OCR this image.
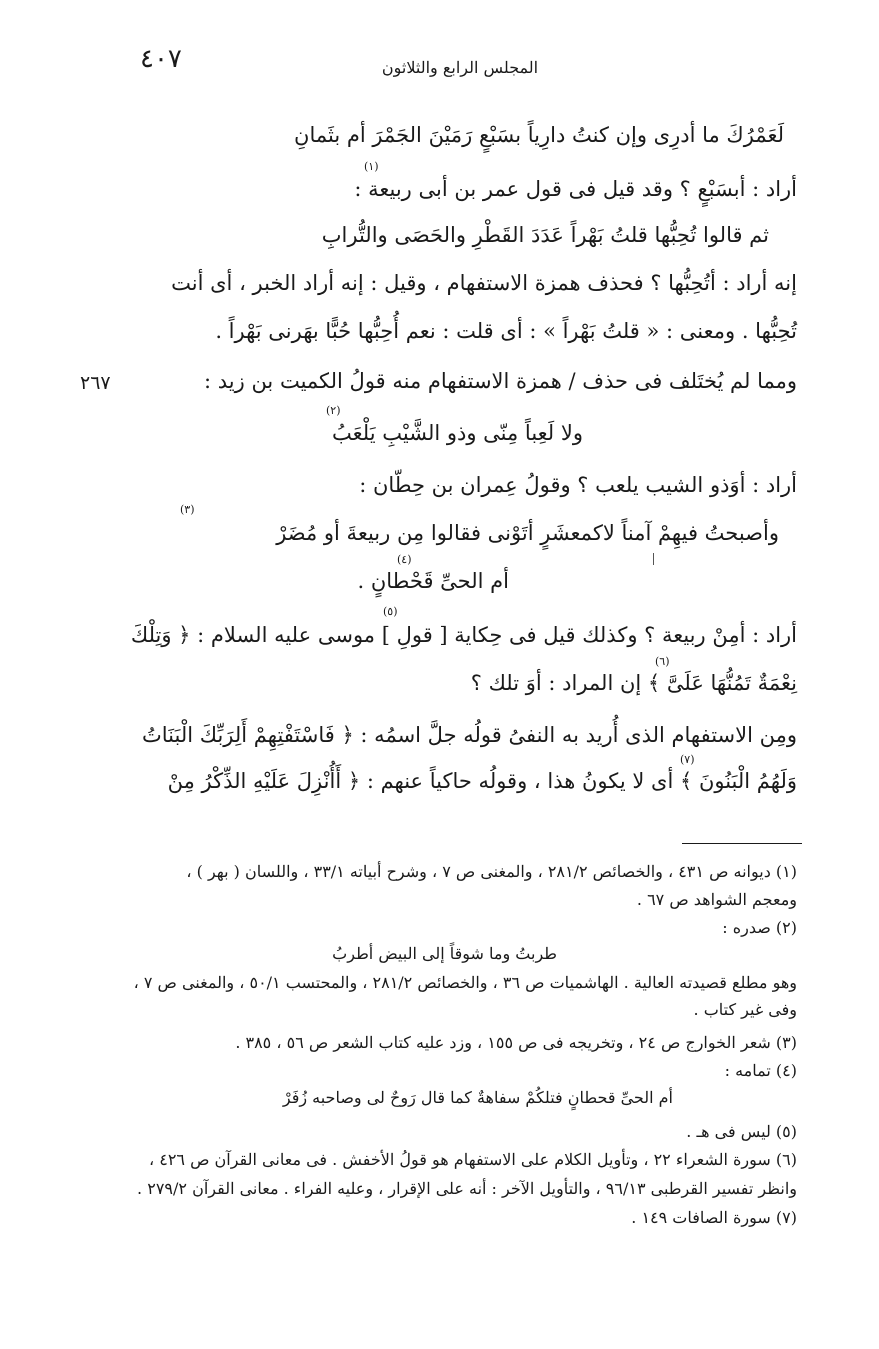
٤٠٧	المجلس الرابع والثلاثون
لَعَمْرُكَ ما أدرِى وإن كنتُ دارِياً بسَبْعٍ رَمَيْنَ الجَمْرَ أم بثَمانِ
أراد : أبسَبْعٍ ؟ وقد قيل فى قول عمر بن أبى ربيعة :
(١)
ثم قالوا تُحِبُّها قلتُ بَهْراً عَدَدَ القَطْرِ والحَصَى والتُّرابِ
إنه أراد : أتُحِبُّها ؟ فحذف همزة الاستفهام ، وقيل : إنه أراد الخبر ، أى أنت
تُحِبُّها . ومعنى : « قلتُ بَهْراً » : أى قلت : نعم أُحِبُّها حُبًّا بهَرنى بَهْراً .
ومما لم يُختَلف فى حذف / همزة الاستفهام منه قولُ الكميت بن زيد :
٢٦٧
ولا لَعِباً مِنّى وذو الشَّيْبِ يَلْعَبُ
(٢)
أراد : أوَذو الشيب يلعب ؟ وقولُ عِمران بن حِطّان :
وأصبحتُ فيهِمْ آمناً لاكمعشَرٍ أتَوْنى فقالوا مِن ربيعةَ أو مُضَرْ
(٣)
أم الحىِّ قَحْطانٍ .
(٤)
أراد : أمِنْ ربيعة ؟ وكذلك قيل فى حِكاية [ قولِ ] موسى عليه السلام : ﴿ وَتِلْكَ
(٥)
نِعْمَةٌ تَمُنُّهَا عَلَىَّ ﴾ إن المراد : أوَ تلك ؟
(٦)
ومِن الاستفهام الذى أُريد به النفىُ قولُه جلَّ اسمُه : ﴿ فَاسْتَفْتِهِمْ أَلِرَبِّكَ الْبَنَاتُ
وَلَهُمُ الْبَنُونَ ﴾ أى لا يكونُ هذا ، وقولُه حاكياً عنهم : ﴿ أَأُنْزِلَ عَلَيْهِ الذِّكْرُ مِنْ
(٧)
(١) ديوانه ص ٤٣١ ، والخصائص ٢٨١/٢ ، والمغنى ص ٧ ، وشرح أبياته ٣٣/١ ، واللسان ( بهر ) ،
ومعجم الشواهد ص ٦٧ .
(٢) صدره :
طربتُ وما شوقاً إلى البيض أطربُ
وهو مطلع قصيدته العالية . الهاشميات ص ٣٦ ، والخصائص ٢٨١/٢ ، والمحتسب ٥٠/١ ، والمغنى ص ٧ ،
وفى غير كتاب .
(٣) شعر الخوارج ص ٢٤ ، وتخريجه فى ص ١٥٥ ، وزد عليه كتاب الشعر ص ٥٦ ، ٣٨٥ .
(٤) تمامه :
أم الحىِّ قحطانٍ فتلكُمْ سفاهةٌ كما قال رَوحٌ لى وصاحبه زُفَرْ
(٥) ليس فى هـ .
(٦) سورة الشعراء ٢٢ ، وتأويل الكلام على الاستفهام هو قولُ الأخفش . فى معانى القرآن ص ٤٢٦ ،
وانظر تفسير القرطبى ٩٦/١٣ ، والتأويل الآخر : أنه على الإقرار ، وعليه الفراء . معانى القرآن ٢٧٩/٢ .
(٧) سورة الصافات ١٤٩ .
